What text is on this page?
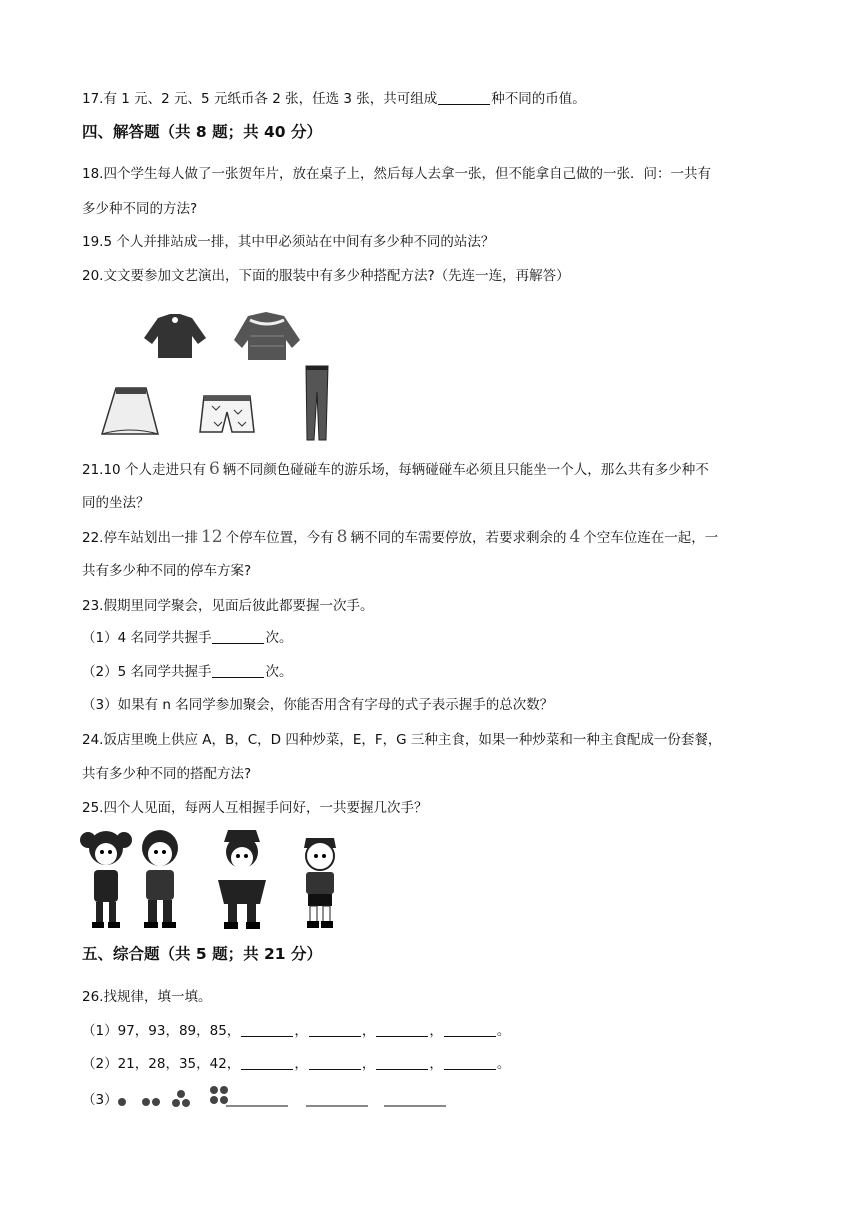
17.有 1 元、2 元、5 元纸币各 2 张，任选 3 张，共可组成	种不同的币值。
四、解答题（共 8 题；共 40 分）
18.四个学生每人做了一张贺年片，放在桌子上，然后每人去拿一张，但不能拿自己做的一张．问：一共有
多少种不同的方法?
19.5 个人并排站成一排，其中甲必须站在中间有多少种不同的站法？
20.文文要参加文艺演出，下面的服装中有多少种搭配方法?（先连一连，再解答）
21.10 个人走进只有 6 辆不同颜色碰碰车的游乐场，每辆碰碰车必须且只能坐一个人，那么共有多少种不
同的坐法？
22.停车站划出一排 12 个停车位置，今有 8 辆不同的车需要停放，若要求剩余的 4 个空车位连在一起，一
共有多少种不同的停车方案?
23.假期里同学聚会，见面后彼此都要握一次手。
（1）4 名同学共握手	次。
（2）5 名同学共握手	次。
（3）如果有 n 名同学参加聚会，你能否用含有字母的式子表示握手的总次数？
24.饭店里晚上供应 A，B，C，D 四种炒菜，E，F，G 三种主食，如果一种炒菜和一种主食配成一份套餐，
共有多少种不同的搭配方法?
25.四个人见面，每两人互相握手问好，一共要握几次手？
五、综合题（共 5 题；共 21 分）
26.找规律，填一填。
（1）97，93，89，85，	，	，	，	。
（2）21，28，35，42，	，	，	，	。
（3）
